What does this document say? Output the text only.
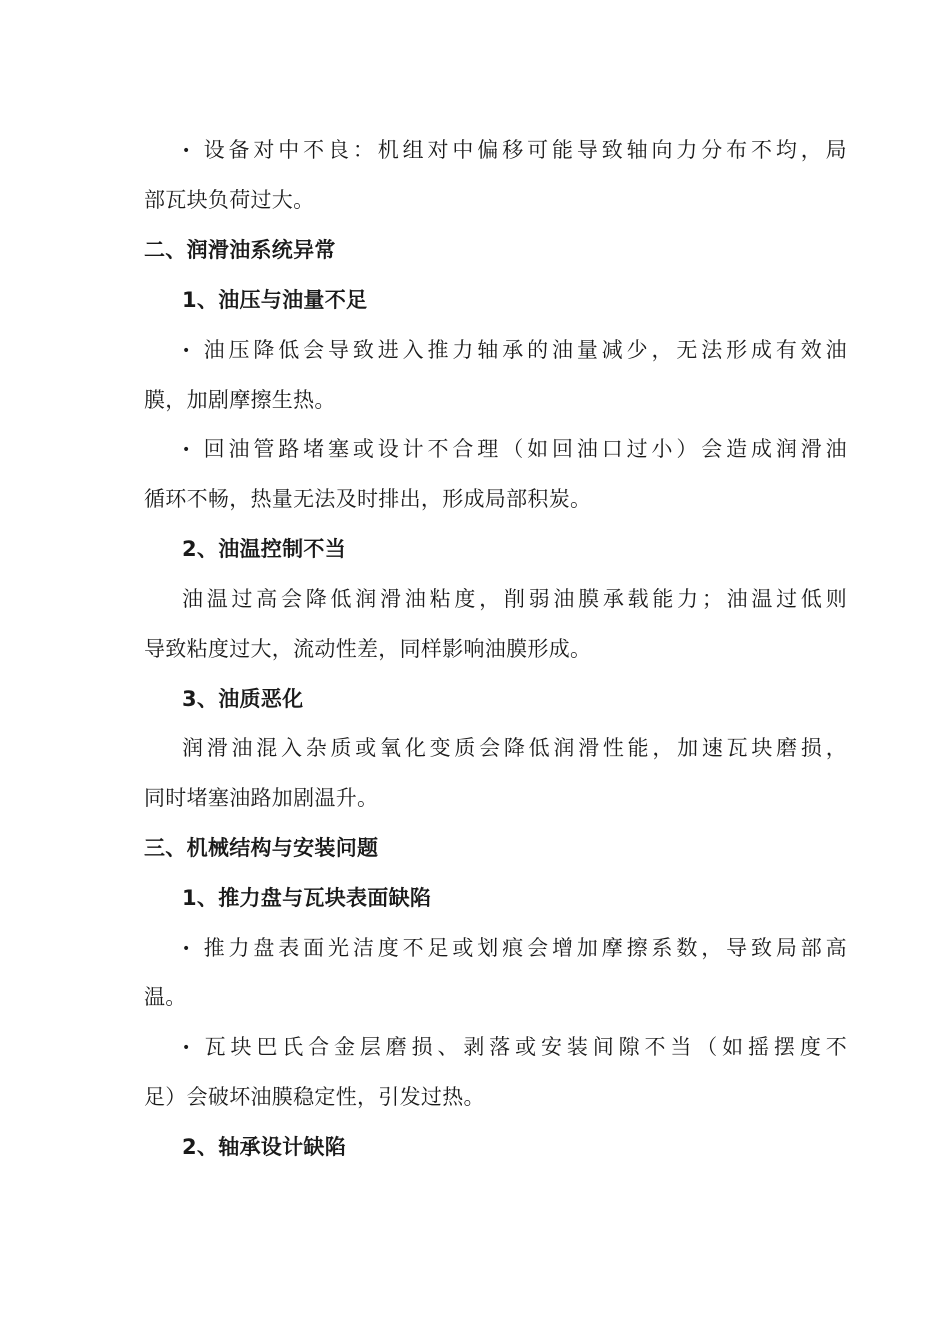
• 设备对中不良：机组对中偏移可能导致轴向力分布不均，局
部瓦块负荷过大。
二、润滑油系统异常
1、油压与油量不足
• 油压降低会导致进入推力轴承的油量减少，无法形成有效油
膜，加剧摩擦生热。
• 回油管路堵塞或设计不合理（如回油口过小）会造成润滑油
循环不畅，热量无法及时排出，形成局部积炭。
2、油温控制不当
油温过高会降低润滑油粘度，削弱油膜承载能力；油温过低则
导致粘度过大，流动性差，同样影响油膜形成。
3、油质恶化
润滑油混入杂质或氧化变质会降低润滑性能，加速瓦块磨损，
同时堵塞油路加剧温升。
三、机械结构与安装问题
1、推力盘与瓦块表面缺陷
• 推力盘表面光洁度不足或划痕会增加摩擦系数，导致局部高
温。
• 瓦块巴氏合金层磨损、剥落或安装间隙不当（如摇摆度不
足）会破坏油膜稳定性，引发过热。
2、轴承设计缺陷
